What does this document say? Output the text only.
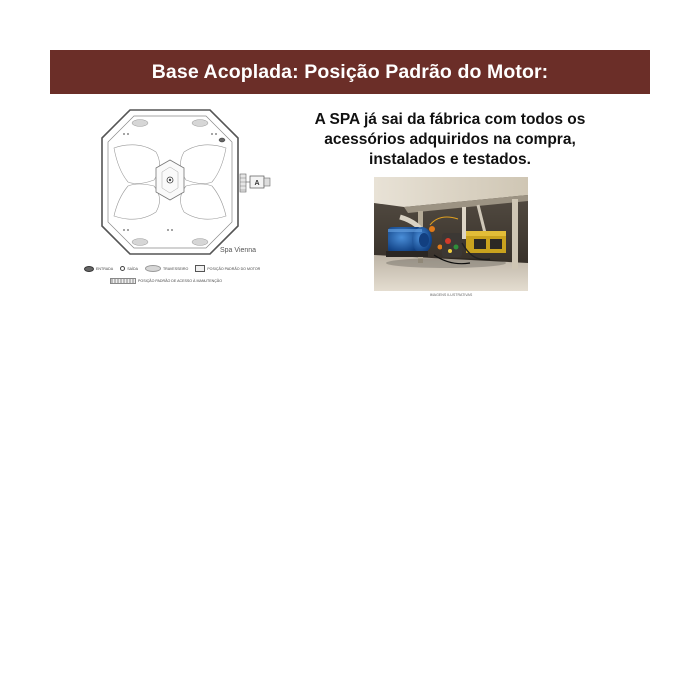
Base Acoplada: Posição Padrão do Motor:
A
Spa Vienna
ENTRADA	SAÍDA	TRAVESSEIRO	POSIÇÃO PADRÃO DO MOTOR
POSIÇÃO PADRÃO DE ACESSO À MANUTENÇÃO
A SPA já sai da fábrica com todos os
acessórios adquiridos na compra,
instalados e testados.
IMAGENS ILUSTRATIVAS
